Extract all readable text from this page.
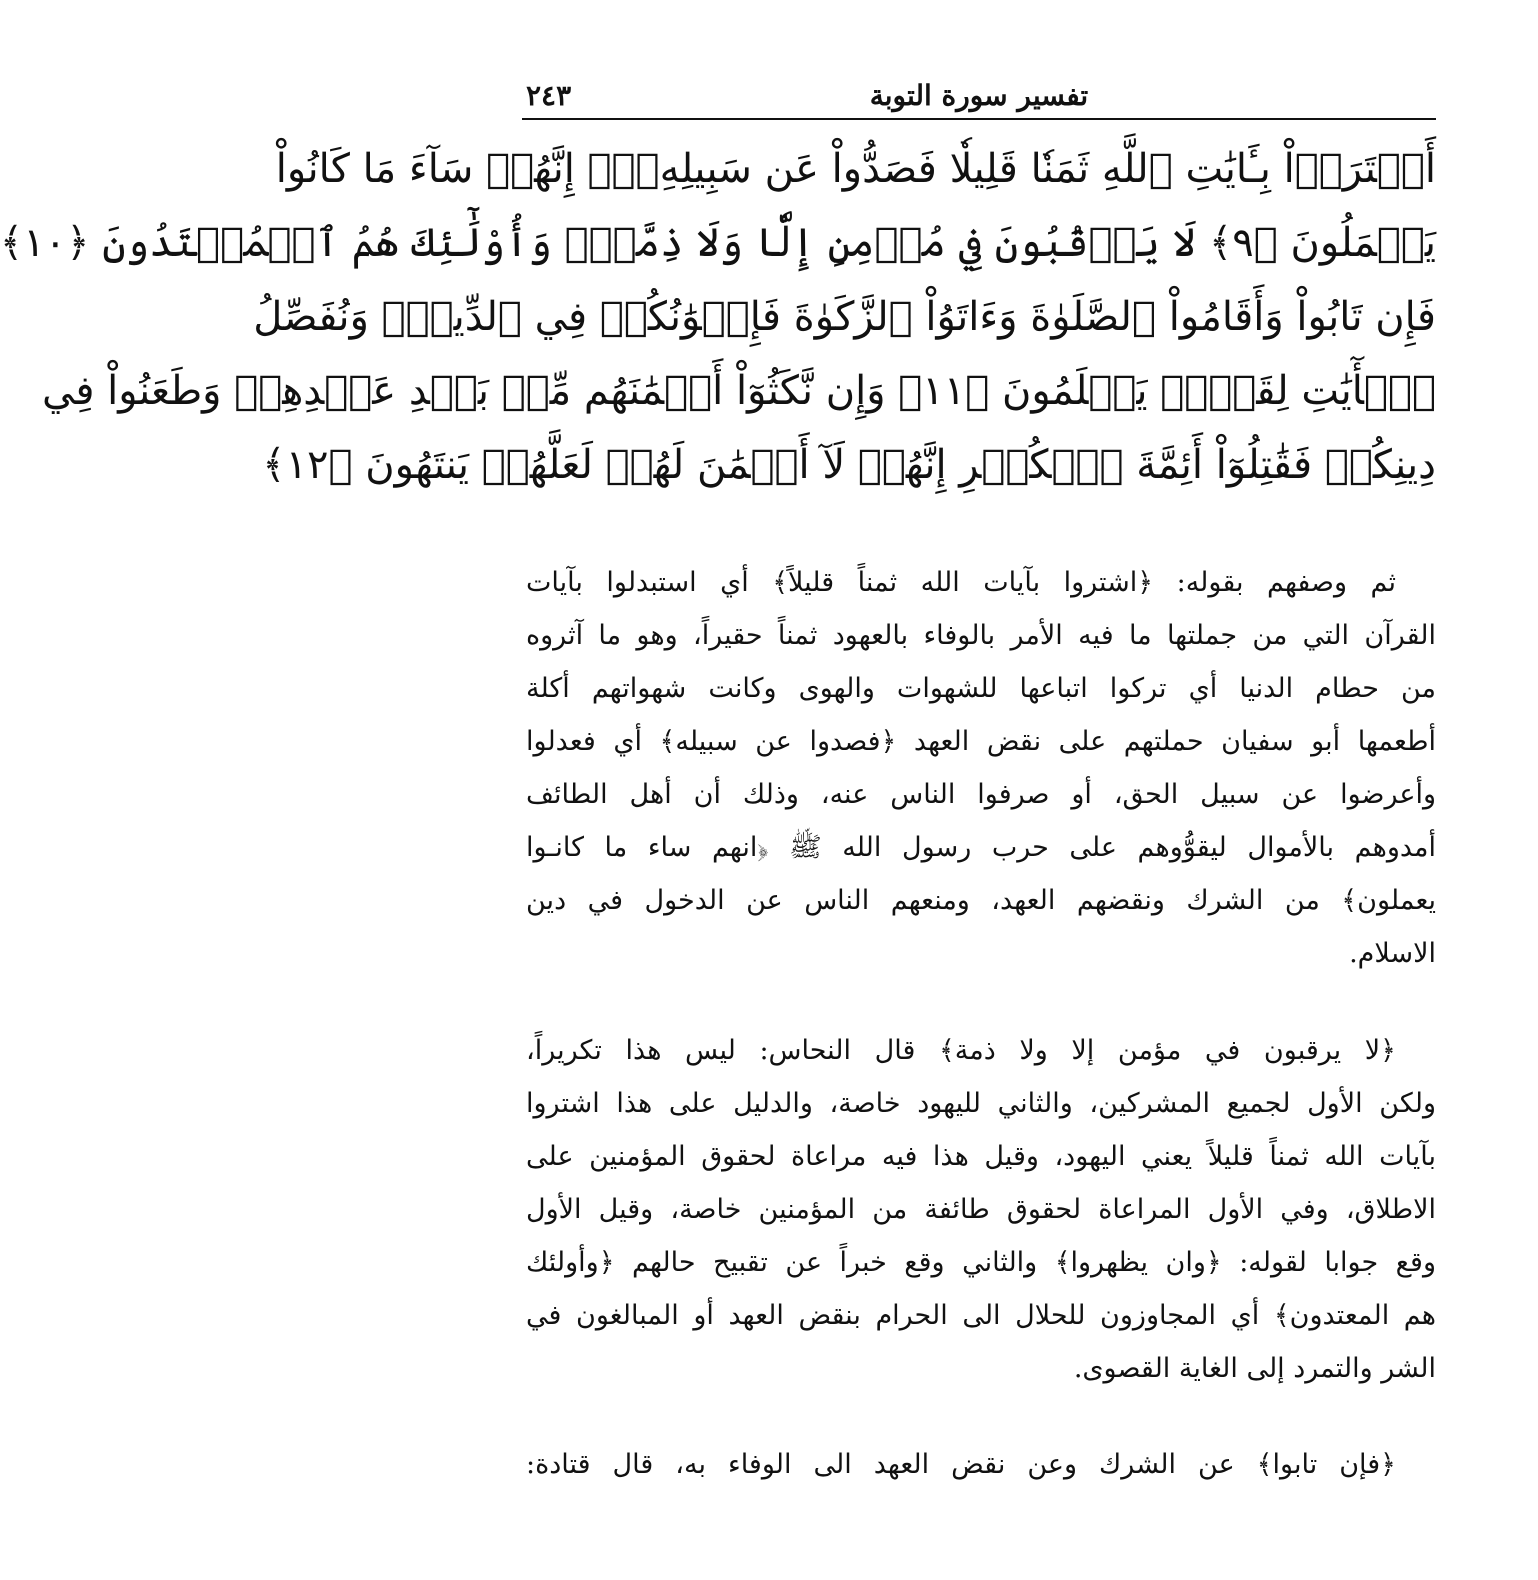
تفسير سورة التوبة
٢٤٣
أَشۡتَرَوۡاْ بِـَٔايَٰتِ ٱللَّهِ ثَمَنٗا قَلِيلٗا فَصَدُّواْ عَن سَبِيلِهِۦٓۚ إِنَّهُمۡ سَآءَ مَا كَانُواْ
يَعۡمَلُونَ ﴿٩﴾ لَا يَرۡقُبُونَ فِي مُؤۡمِنٍ إِلّٗا وَلَا ذِمَّةٗۚ وَأُوْلَٰٓئِكَ هُمُ ٱلۡمُعۡتَدُونَ ﴿١٠﴾
فَإِن تَابُواْ وَأَقَامُواْ ٱلصَّلَوٰةَ وَءَاتَوُاْ ٱلزَّكَوٰةَ فَإِخۡوَٰنُكُمۡ فِي ٱلدِّينِۗ وَنُفَصِّلُ
ٱلۡأٓيَٰتِ لِقَوۡمٖ يَعۡلَمُونَ ﴿١١﴾ وَإِن نَّكَثُوٓاْ أَيۡمَٰنَهُم مِّنۢ بَعۡدِ عَهۡدِهِمۡ وَطَعَنُواْ فِي
دِينِكُمۡ فَقَٰتِلُوٓاْ أَئِمَّةَ ٱلۡكُفۡرِ إِنَّهُمۡ لَآ أَيۡمَٰنَ لَهُمۡ لَعَلَّهُمۡ يَنتَهُونَ ﴿١٢﴾
ثم وصفهم بقوله: ﴿اشتروا بآيات الله ثمناً قليلاً﴾ أي استبدلوا بآيات
القرآن التي من جملتها ما فيه الأمر بالوفاء بالعهود ثمناً حقيراً، وهو ما آثروه
من حطام الدنيا أي تركوا اتباعها للشهوات والهوى وكانت شهواتهم أكلة
أطعمها أبو سفيان حملتهم على نقض العهد ﴿فصدوا عن سبيله﴾ أي فعدلوا
وأعرضوا عن سبيل الحق، أو صرفوا الناس عنه، وذلك أن أهل الطائف
أمدوهم بالأموال ليقوُّوهم على حرب رسول الله ﷺ ﴿انهم ساء ما كانـوا
يعملون﴾ من الشرك ونقضهم العهد، ومنعهم الناس عن الدخول في دين
الاسلام.
﴿لا يرقبون في مؤمن إلا ولا ذمة﴾ قال النحاس: ليس هذا تكريراً،
ولكن الأول لجميع المشركين، والثاني لليهود خاصة، والدليل على هذا اشتروا
بآيات الله ثمناً قليلاً يعني اليهود، وقيل هذا فيه مراعاة لحقوق المؤمنين على
الاطلاق، وفي الأول المراعاة لحقوق طائفة من المؤمنين خاصة، وقيل الأول
وقع جوابا لقوله: ﴿وان يظهروا﴾ والثاني وقع خبراً عن تقبيح حالهم ﴿وأولئك
هم المعتدون﴾ أي المجاوزون للحلال الى الحرام بنقض العهد أو المبالغون في
الشر والتمرد إلى الغاية القصوى.
﴿فإن تابوا﴾ عن الشرك وعن نقض العهد الى الوفاء به، قال قتادة:
